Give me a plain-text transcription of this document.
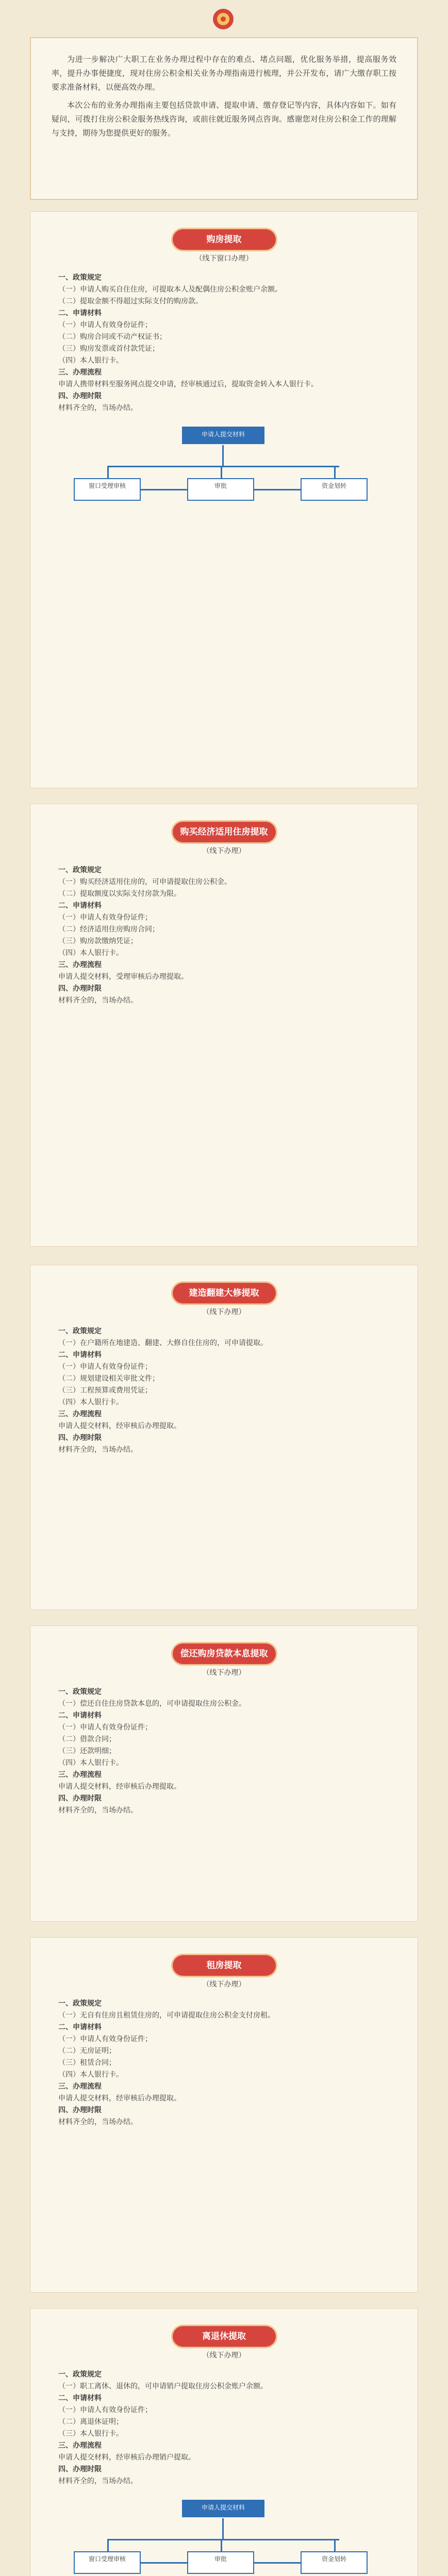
为进一步解决广大职工在业务办理过程中存在的难点、堵点问题，优化服务举措，提高服务效率，提升办事便捷度，现对住房公积金相关业务办理指南进行梳理，并公开发布，请广大缴存职工按要求准备材料，以便高效办理。

本次公布的业务办理指南主要包括贷款申请、提取申请、缴存登记等内容，具体内容如下。如有疑问，可拨打住房公积金服务热线咨询，或前往就近服务网点咨询。感谢您对住房公积金工作的理解与支持，期待为您提供更好的服务。

购房提取
（线下窗口办理）
一、政策规定
（一）申请人购买自住住房，可提取本人及配偶住房公积金账户余额。
（二）提取金额不得超过实际支付的购房款。
二、申请材料
（一）申请人有效身份证件；
（二）购房合同或不动产权证书；
（三）购房发票或首付款凭证；
（四）本人银行卡。
三、办理流程
申请人携带材料至服务网点提交申请，经审核通过后，提取资金转入本人银行卡。
四、办理时限
材料齐全的，当场办结。
申请人提交材料
窗口受理审核	审批	资金划转
购买经济适用住房提取
（线下办理）
一、政策规定
（一）购买经济适用住房的，可申请提取住房公积金。
（二）提取额度以实际支付房款为限。
二、申请材料
（一）申请人有效身份证件；
（二）经济适用住房购房合同；
（三）购房款缴纳凭证；
（四）本人银行卡。
三、办理流程
申请人提交材料，受理审核后办理提取。
四、办理时限
材料齐全的，当场办结。
建造翻建大修提取
（线下办理）
一、政策规定
（一）在户籍所在地建造、翻建、大修自住住房的，可申请提取。
二、申请材料
（一）申请人有效身份证件；
（二）规划建设相关审批文件；
（三）工程预算或费用凭证；
（四）本人银行卡。
三、办理流程
申请人提交材料，经审核后办理提取。
四、办理时限
材料齐全的，当场办结。
偿还购房贷款本息提取
（线下办理）
一、政策规定
（一）偿还自住住房贷款本息的，可申请提取住房公积金。
二、申请材料
（一）申请人有效身份证件；
（二）借款合同；
（三）还款明细；
（四）本人银行卡。
三、办理流程
申请人提交材料，经审核后办理提取。
四、办理时限
材料齐全的，当场办结。
租房提取
（线下办理）
一、政策规定
（一）无自有住房且租赁住房的，可申请提取住房公积金支付房租。
二、申请材料
（一）申请人有效身份证件；
（二）无房证明；
（三）租赁合同；
（四）本人银行卡。
三、办理流程
申请人提交材料，经审核后办理提取。
四、办理时限
材料齐全的，当场办结。
离退休提取
（线下办理）
一、政策规定
（一）职工离休、退休的，可申请销户提取住房公积金账户余额。
二、申请材料
（一）申请人有效身份证件；
（二）离退休证明；
（三）本人银行卡。
三、办理流程
申请人提交材料，经审核后办理销户提取。
四、办理时限
材料齐全的，当场办结。
申请人提交材料
窗口受理审核	审批	资金划转
